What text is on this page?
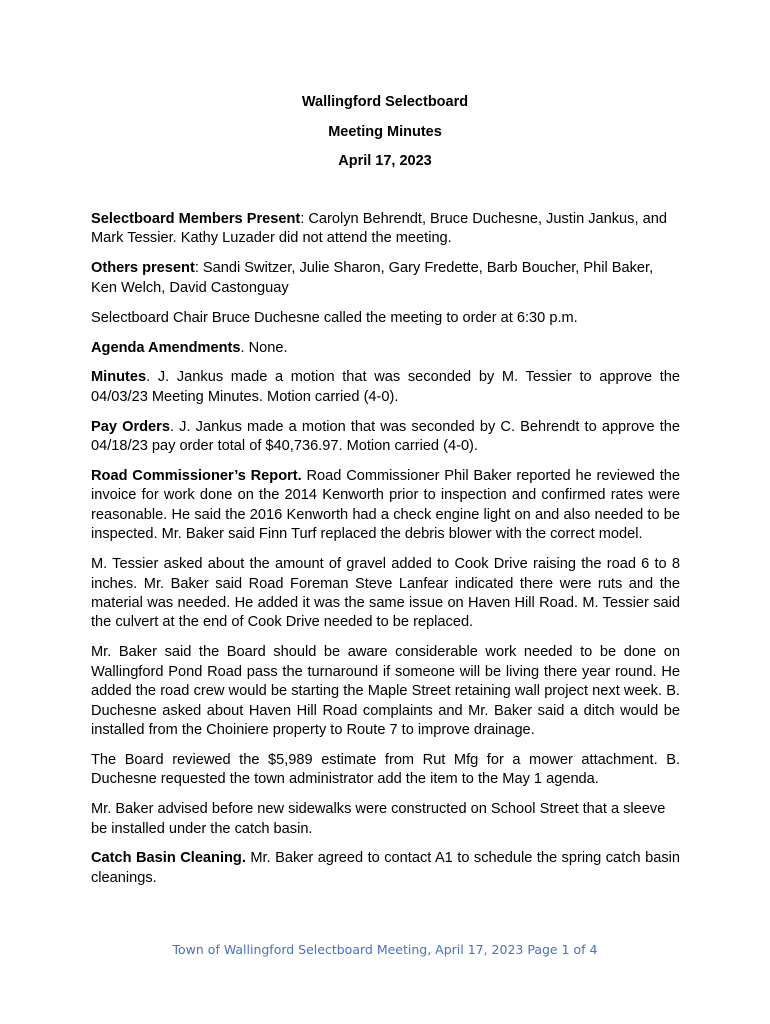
Wallingford Selectboard
Meeting Minutes
April 17, 2023

Selectboard Members Present: Carolyn Behrendt, Bruce Duchesne, Justin Jankus, and Mark Tessier. Kathy Luzader did not attend the meeting.

Others present: Sandi Switzer, Julie Sharon, Gary Fredette, Barb Boucher, Phil Baker, Ken Welch, David Castonguay

Selectboard Chair Bruce Duchesne called the meeting to order at 6:30 p.m.

Agenda Amendments. None.

Minutes. J. Jankus made a motion that was seconded by M. Tessier to approve the 04/03/23 Meeting Minutes. Motion carried (4-0).

Pay Orders. J. Jankus made a motion that was seconded by C. Behrendt to approve the 04/18/23 pay order total of $40,736.97. Motion carried (4-0).

Road Commissioner’s Report. Road Commissioner Phil Baker reported he reviewed the invoice for work done on the 2014 Kenworth prior to inspection and confirmed rates were reasonable. He said the 2016 Kenworth had a check engine light on and also needed to be inspected. Mr. Baker said Finn Turf replaced the debris blower with the correct model.

M. Tessier asked about the amount of gravel added to Cook Drive raising the road 6 to 8 inches. Mr. Baker said Road Foreman Steve Lanfear indicated there were ruts and the material was needed. He added it was the same issue on Haven Hill Road. M. Tessier said the culvert at the end of Cook Drive needed to be replaced.

Mr. Baker said the Board should be aware considerable work needed to be done on Wallingford Pond Road pass the turnaround if someone will be living there year round. He added the road crew would be starting the Maple Street retaining wall project next week. B. Duchesne asked about Haven Hill Road complaints and Mr. Baker said a ditch would be installed from the Choiniere property to Route 7 to improve drainage.

The Board reviewed the $5,989 estimate from Rut Mfg for a mower attachment. B. Duchesne requested the town administrator add the item to the May 1 agenda.

Mr. Baker advised before new sidewalks were constructed on School Street that a sleeve be installed under the catch basin.

Catch Basin Cleaning. Mr. Baker agreed to contact A1 to schedule the spring catch basin cleanings.

Town of Wallingford Selectboard Meeting, April 17, 2023 Page 1 of 4
